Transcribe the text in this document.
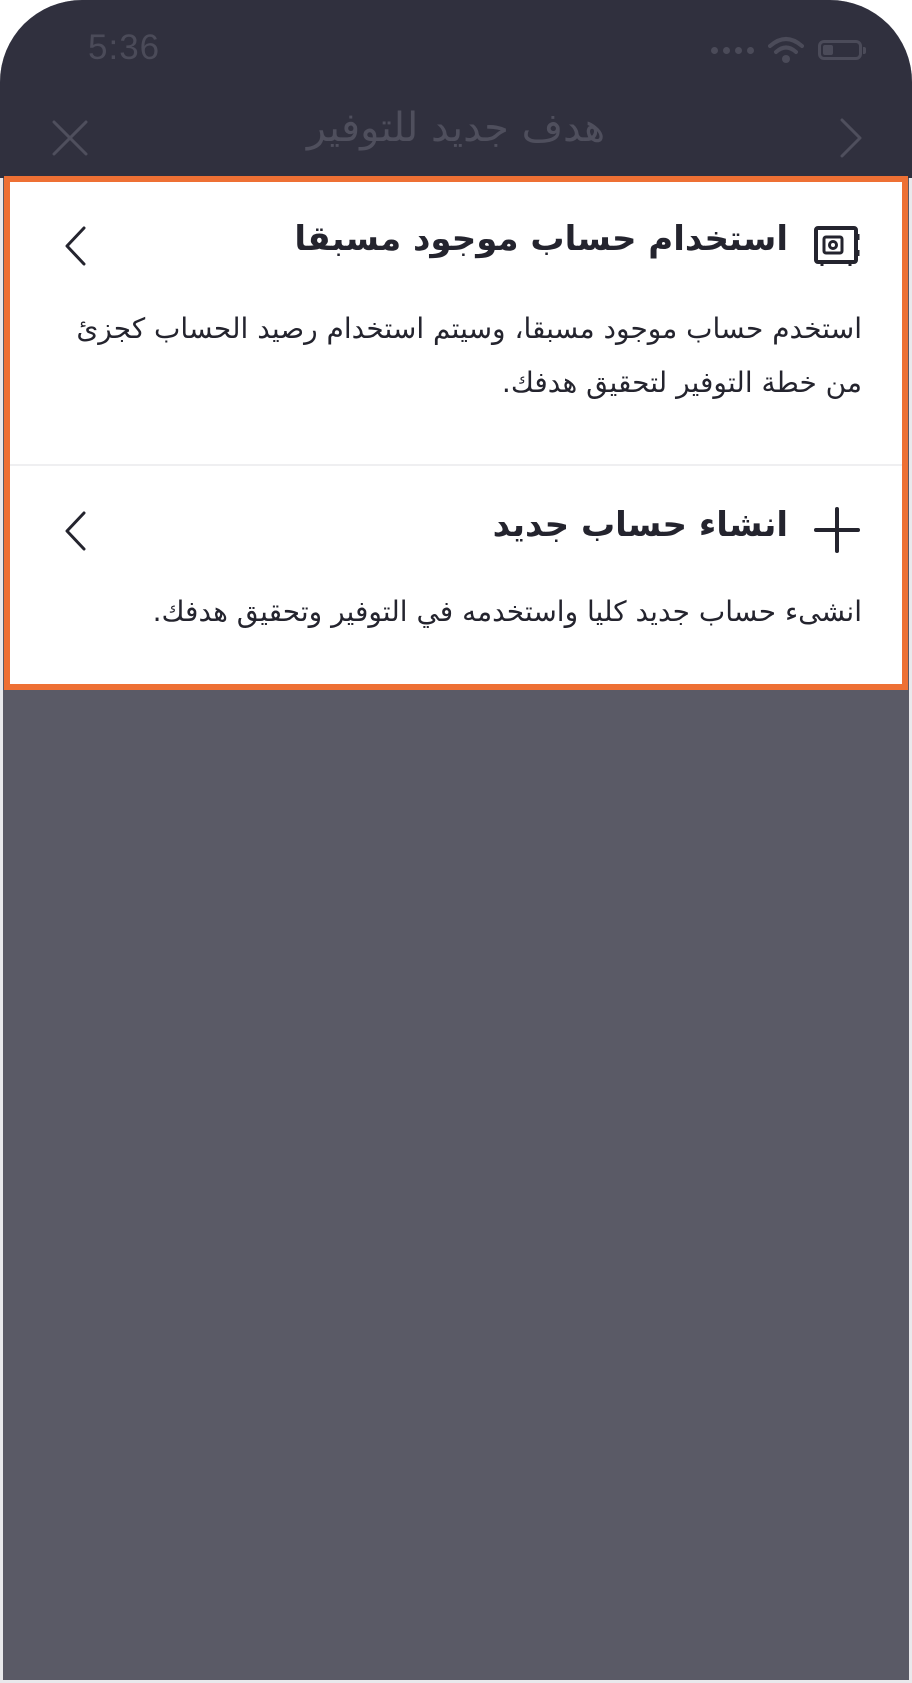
5:36
هدف جديد للتوفير
استخدام حساب موجود مسبقا
استخدم حساب موجود مسبقا، وسيتم استخدام رصيد الحساب كجزئ من خطة التوفير لتحقيق هدفك.
انشاء حساب جديد
انشىء حساب جديد كليا واستخدمه في التوفير وتحقيق هدفك.
